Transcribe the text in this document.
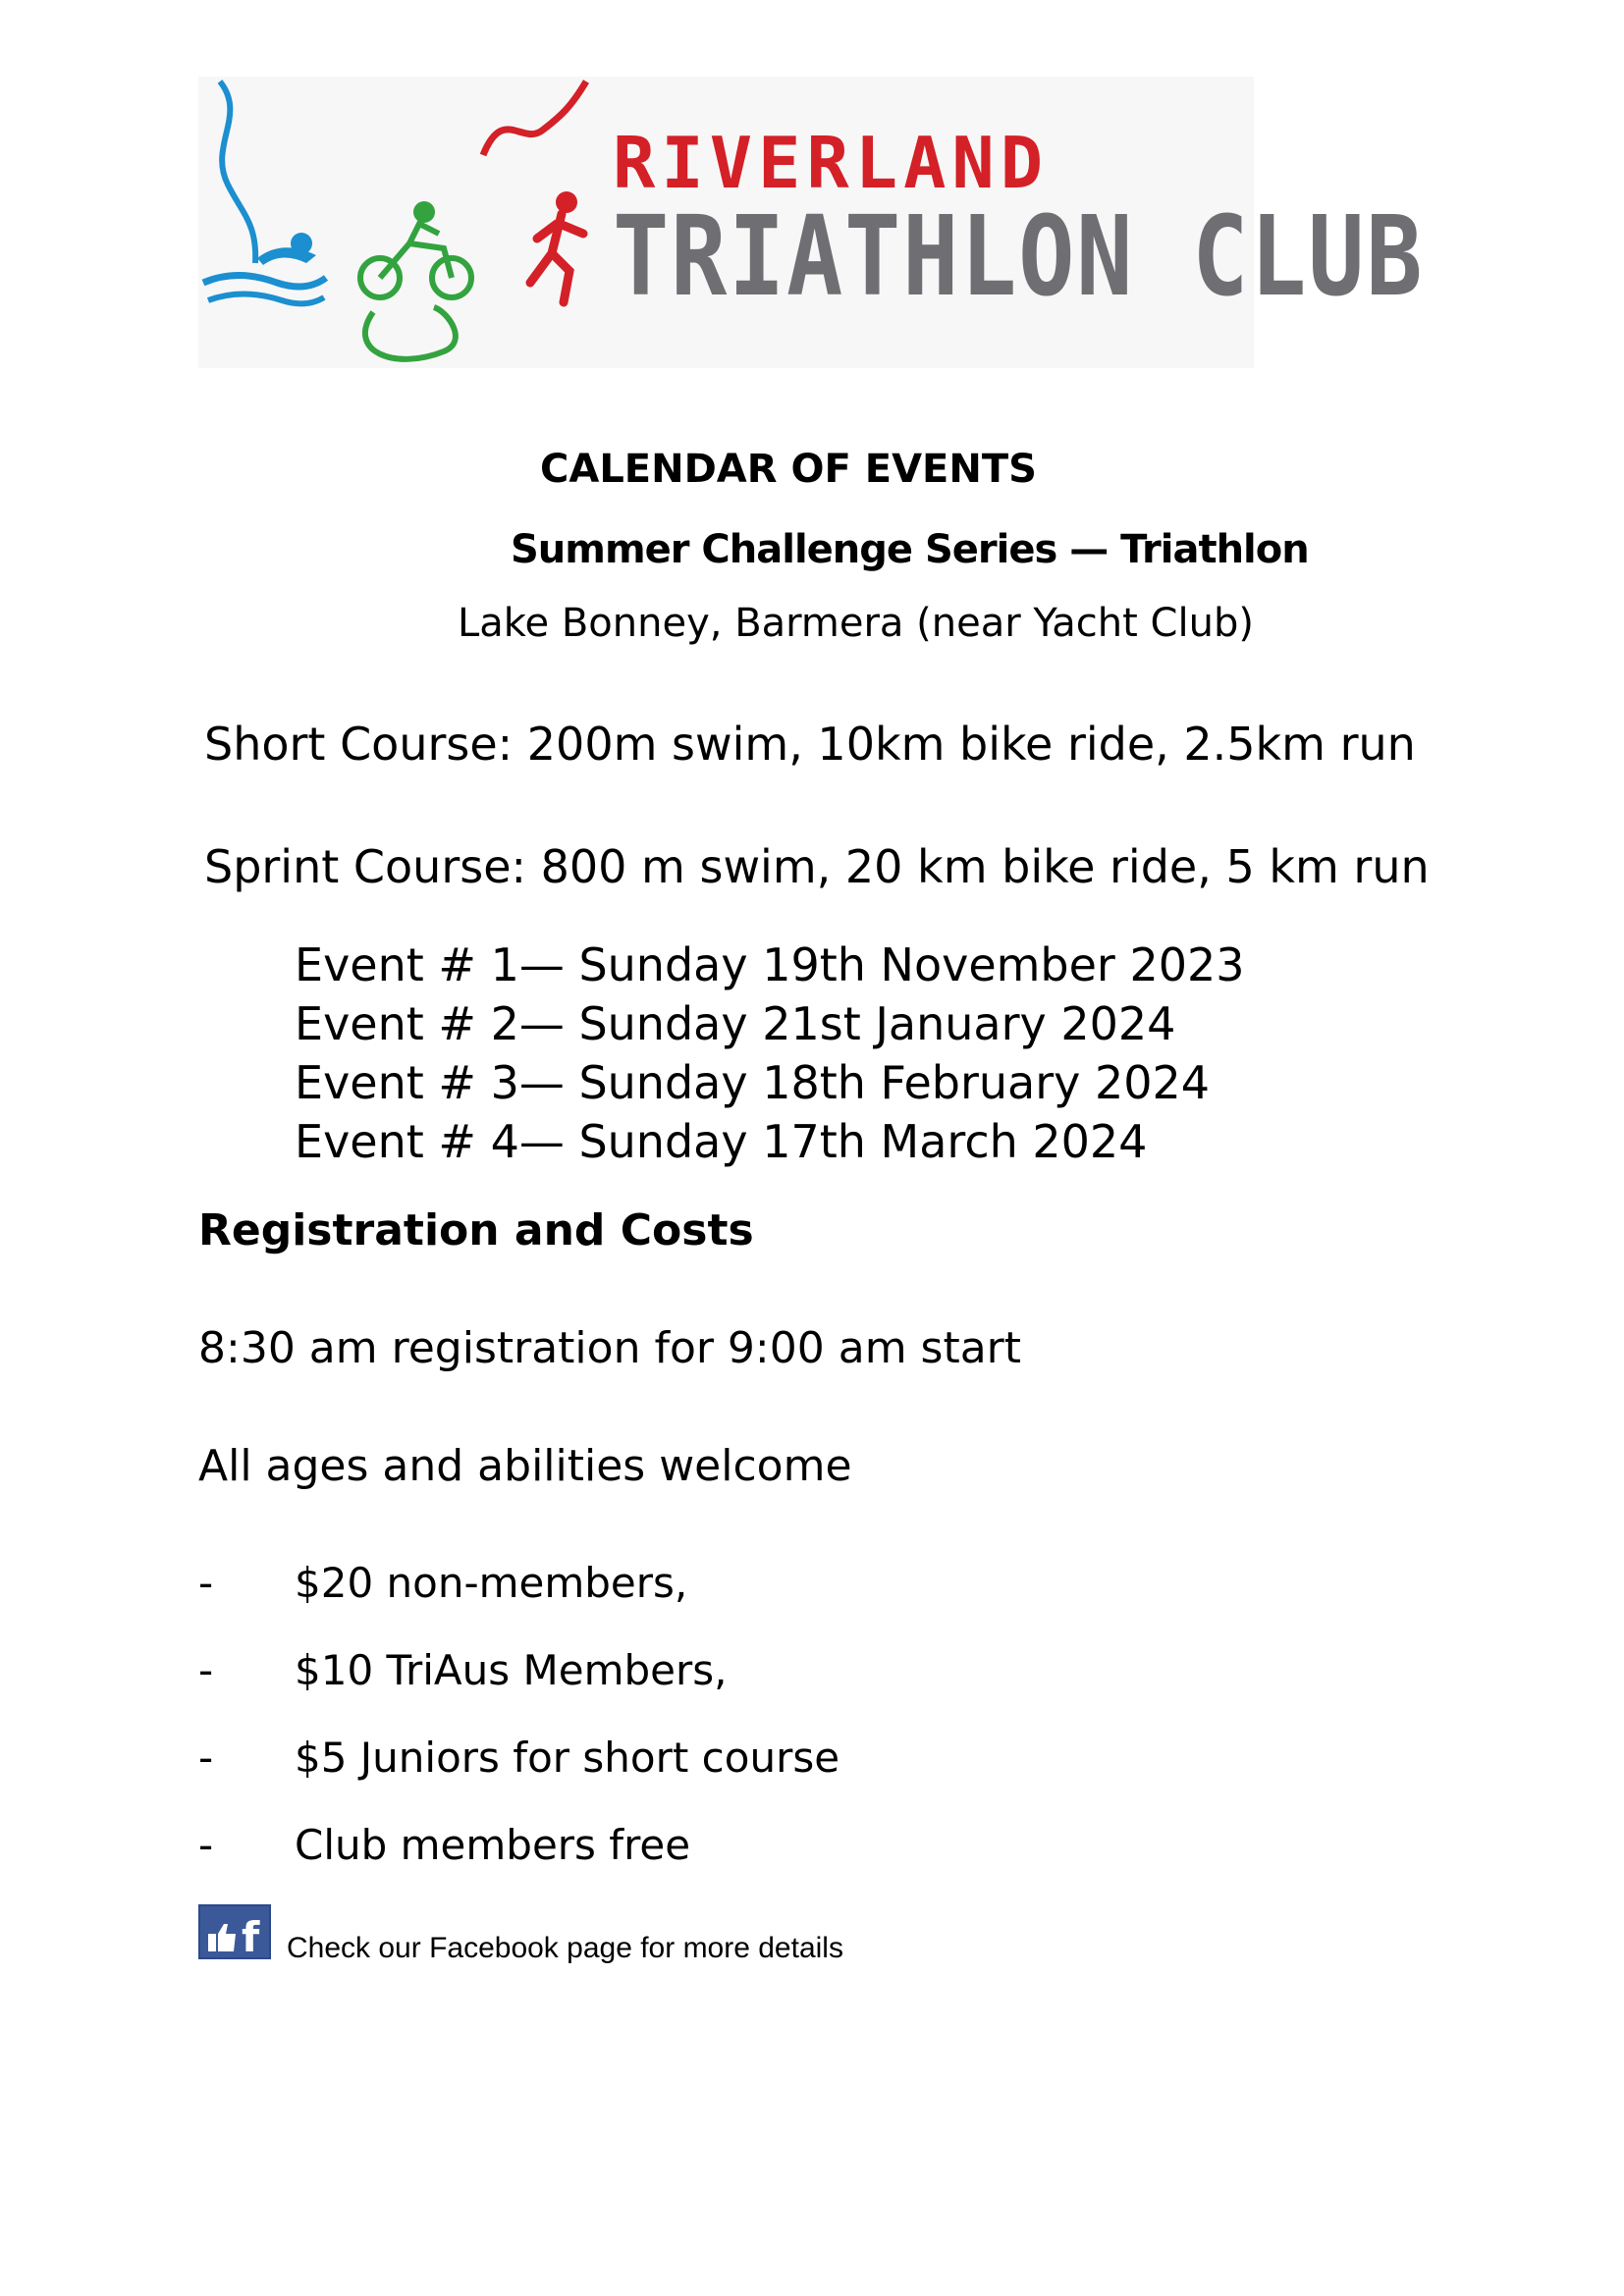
RIVERLAND
TRIATHLON CLUB
CALENDAR OF EVENTS
Summer Challenge Series — Triathlon
Lake Bonney, Barmera (near Yacht Club)
Short Course: 200m swim, 10km bike ride, 2.5km run
Sprint Course: 800 m swim, 20 km bike ride, 5 km run
Event # 1— Sunday 19th November 2023
Event # 2— Sunday 21st January 2024
Event # 3— Sunday 18th February 2024
Event # 4— Sunday 17th March 2024
Registration and Costs
8:30 am registration for 9:00 am start
All ages and abilities welcome
- $20 non-members,
- $10 TriAus Members,
- $5 Juniors for short course
- Club members free
f Check our Facebook page for more details
